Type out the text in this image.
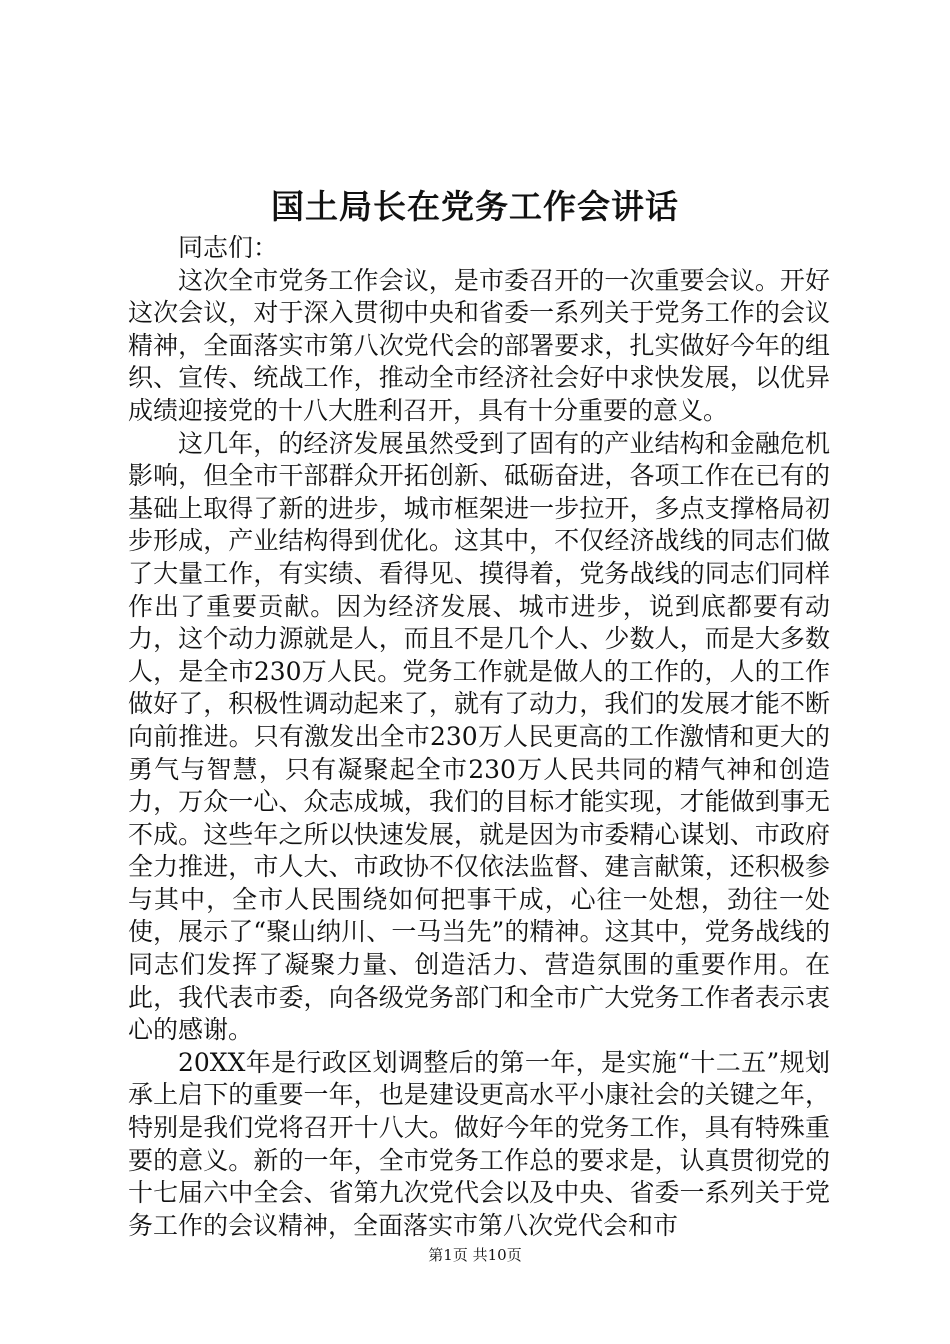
国土局长在党务工作会讲话

同志们：

这次全市党务工作会议，是市委召开的一次重要会议。开好这次会议，对于深入贯彻中央和省委一系列关于党务工作的会议精神，全面落实市第八次党代会的部署要求，扎实做好今年的组织、宣传、统战工作，推动全市经济社会好中求快发展，以优异成绩迎接党的十八大胜利召开，具有十分重要的意义。

这几年，的经济发展虽然受到了固有的产业结构和金融危机影响，但全市干部群众开拓创新、砥砺奋进，各项工作在已有的基础上取得了新的进步，城市框架进一步拉开，多点支撑格局初步形成，产业结构得到优化。这其中，不仅经济战线的同志们做了大量工作，有实绩、看得见、摸得着，党务战线的同志们同样作出了重要贡献。因为经济发展、城市进步，说到底都要有动力，这个动力源就是人，而且不是几个人、少数人，而是大多数人，是全市230万人民。党务工作就是做人的工作的，人的工作做好了，积极性调动起来了，就有了动力，我们的发展才能不断向前推进。只有激发出全市230万人民更高的工作激情和更大的勇气与智慧，只有凝聚起全市230万人民共同的精气神和创造力，万众一心、众志成城，我们的目标才能实现，才能做到事无不成。这些年之所以快速发展，就是因为市委精心谋划、市政府全力推进，市人大、市政协不仅依法监督、建言献策，还积极参与其中，全市人民围绕如何把事干成，心往一处想，劲往一处使，展示了“聚山纳川、一马当先”的精神。这其中，党务战线的同志们发挥了凝聚力量、创造活力、营造氛围的重要作用。在此，我代表市委，向各级党务部门和全市广大党务工作者表示衷心的感谢。

20XX年是行政区划调整后的第一年，是实施“十二五”规划承上启下的重要一年，也是建设更高水平小康社会的关键之年，特别是我们党将召开十八大。做好今年的党务工作，具有特殊重要的意义。新的一年，全市党务工作总的要求是，认真贯彻党的十七届六中全会、省第九次党代会以及中央、省委一系列关于党务工作的会议精神，全面落实市第八次党代会和市

第1页 共10页
